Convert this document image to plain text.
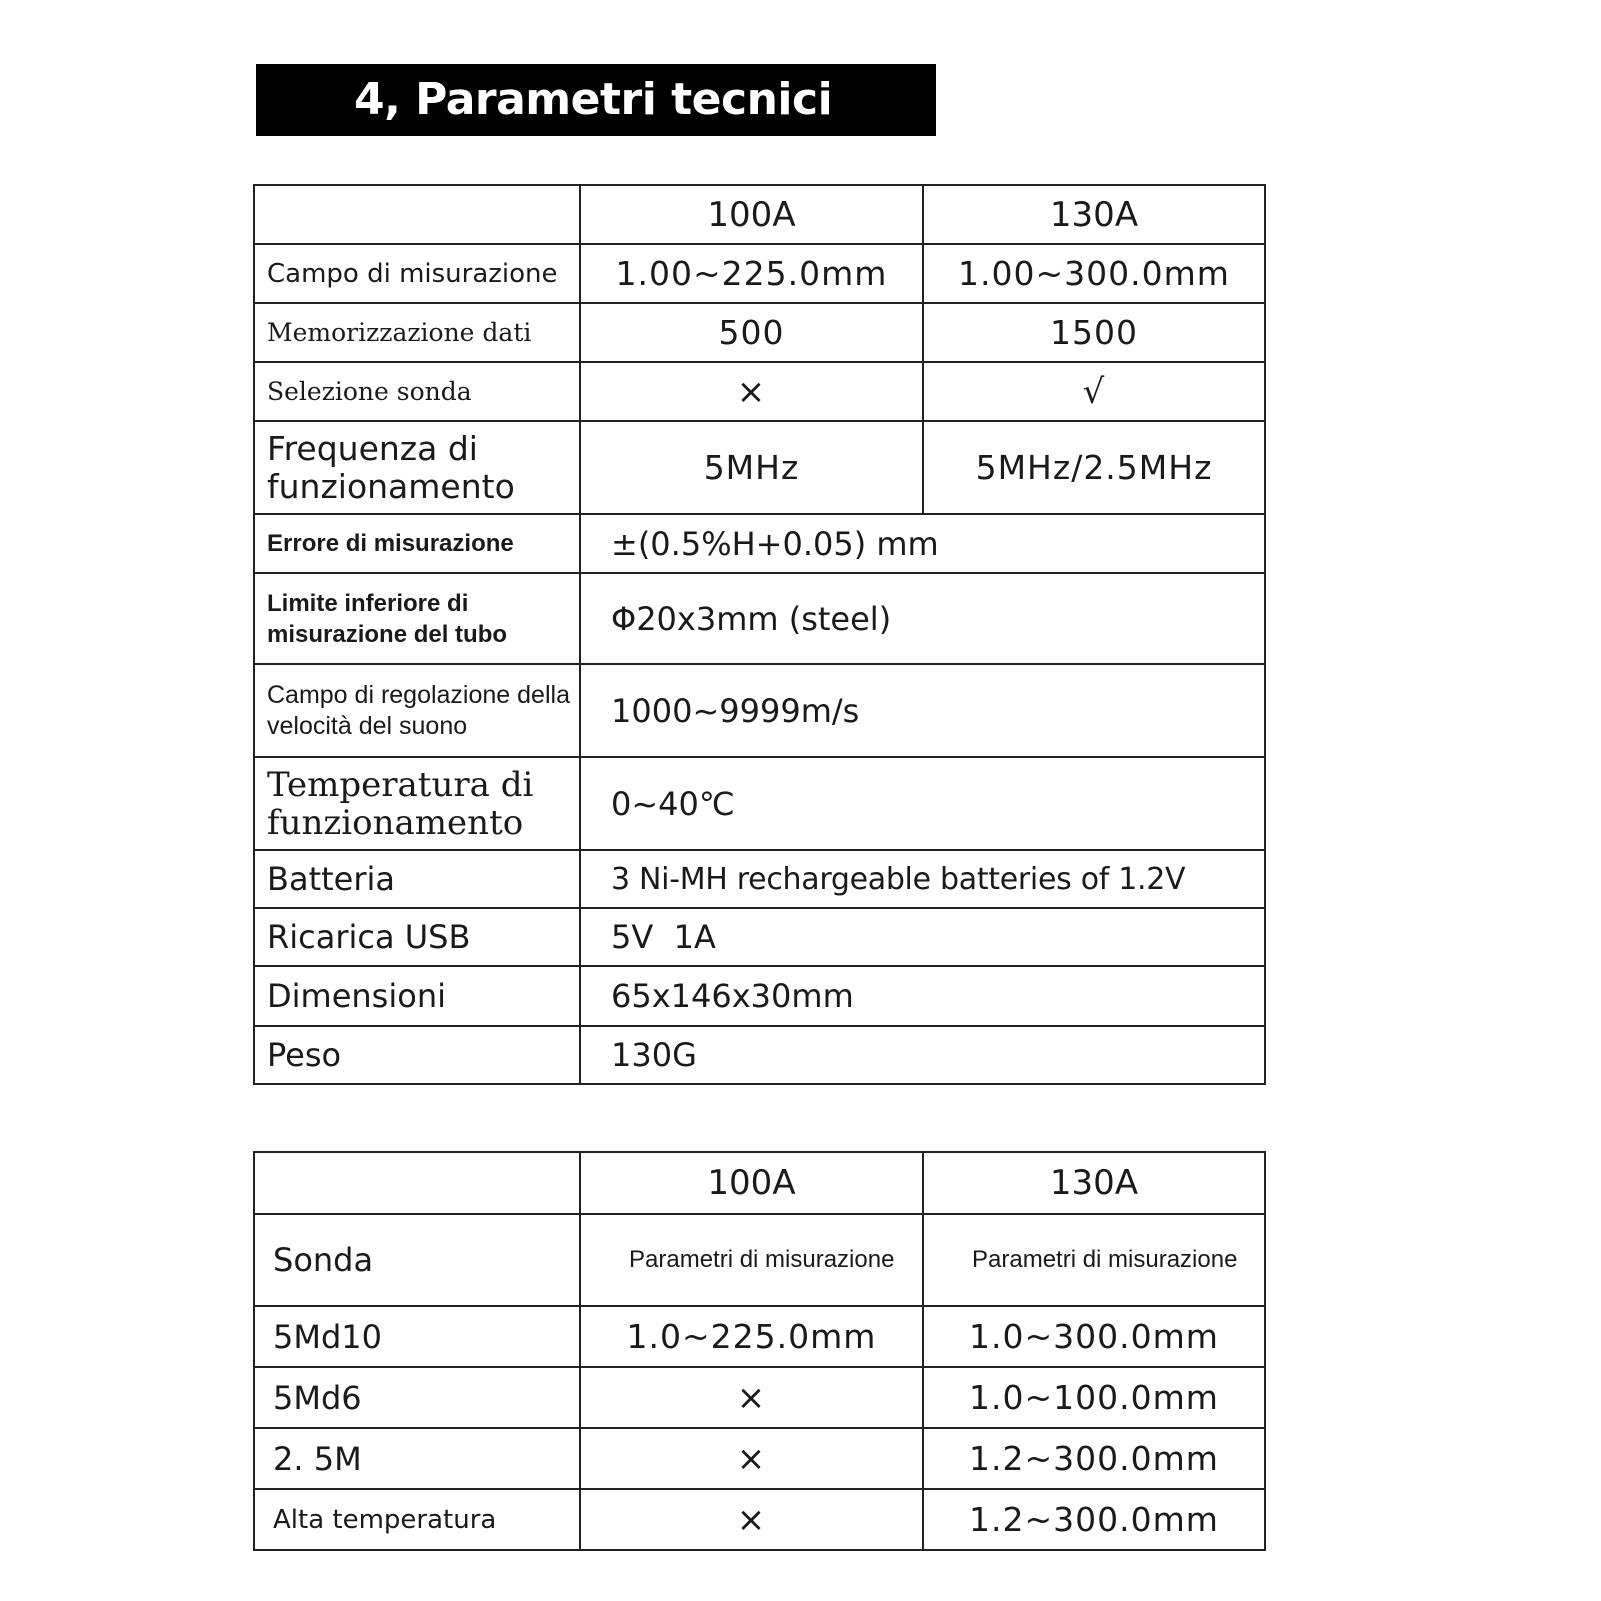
4, Parametri tecnici
	100A	130A
Campo di misurazione	1.00~225.0mm	1.00~300.0mm
Memorizzazione dati	500	1500
Selezione sonda	×	√
Frequenza di funzionamento	5MHz	5MHz/2.5MHz
Errore di misurazione	±(0.5%H+0.05) mm	
Limite inferiore di misurazione del tubo	Φ20x3mm (steel)	
Campo di regolazione della velocità del suono	1000~9999m/s	
Temperatura di funzionamento	0~40℃	
Batteria	3 Ni-MH rechargeable batteries of 1.2V	
Ricarica USB	5V  1A	
Dimensioni	65x146x30mm	
Peso	130G	
	100A	130A
Sonda	Parametri di misurazione	Parametri di misurazione
5Md10	1.0~225.0mm	1.0~300.0mm
5Md6	×	1.0~100.0mm
2. 5M	×	1.2~300.0mm
Alta temperatura	×	1.2~300.0mm
